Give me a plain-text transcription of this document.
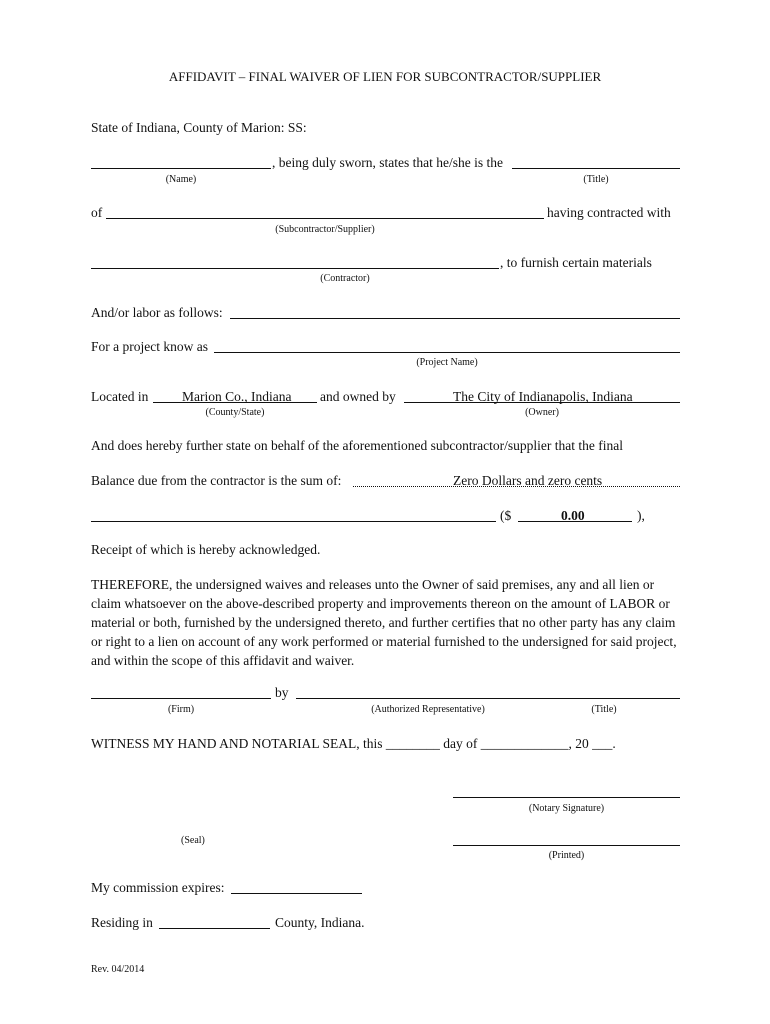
AFFIDAVIT – FINAL WAIVER OF LIEN FOR SUBCONTRACTOR/SUPPLIER
State of Indiana, County of Marion: SS:
, being duly sworn, states that he/she is the
(Name)	(Title)
of	having contracted with
(Subcontractor/Supplier)
, to furnish certain materials
(Contractor)
And/or labor as follows:
For a project know as
(Project Name)
Located in Marion Co., Indiana and owned by	The City of Indianapolis, Indiana
(County/State)	(Owner)
And does hereby further state on behalf of the aforementioned subcontractor/supplier that the final
Balance due from the contractor is the sum of:	Zero Dollars and zero cents
($	0.00	),
Receipt of which is hereby acknowledged.
THEREFORE, the undersigned waives and releases unto the Owner of said premises, any and all lien or claim whatsoever on the above-described property and improvements thereon on the amount of LABOR or material or both, furnished by the undersigned thereto, and further certifies that no other party has any claim or right to a lien on account of any work performed or material furnished to the undersigned for said project, and within the scope of this affidavit and waiver.
by
(Firm)	(Authorized Representative)	(Title)
WITNESS MY HAND AND NOTARIAL SEAL, this ________ day of _____________, 20 ___.
(Notary Signature)
(Seal)
(Printed)
My commission expires:
Residing in	County, Indiana.
Rev. 04/2014
